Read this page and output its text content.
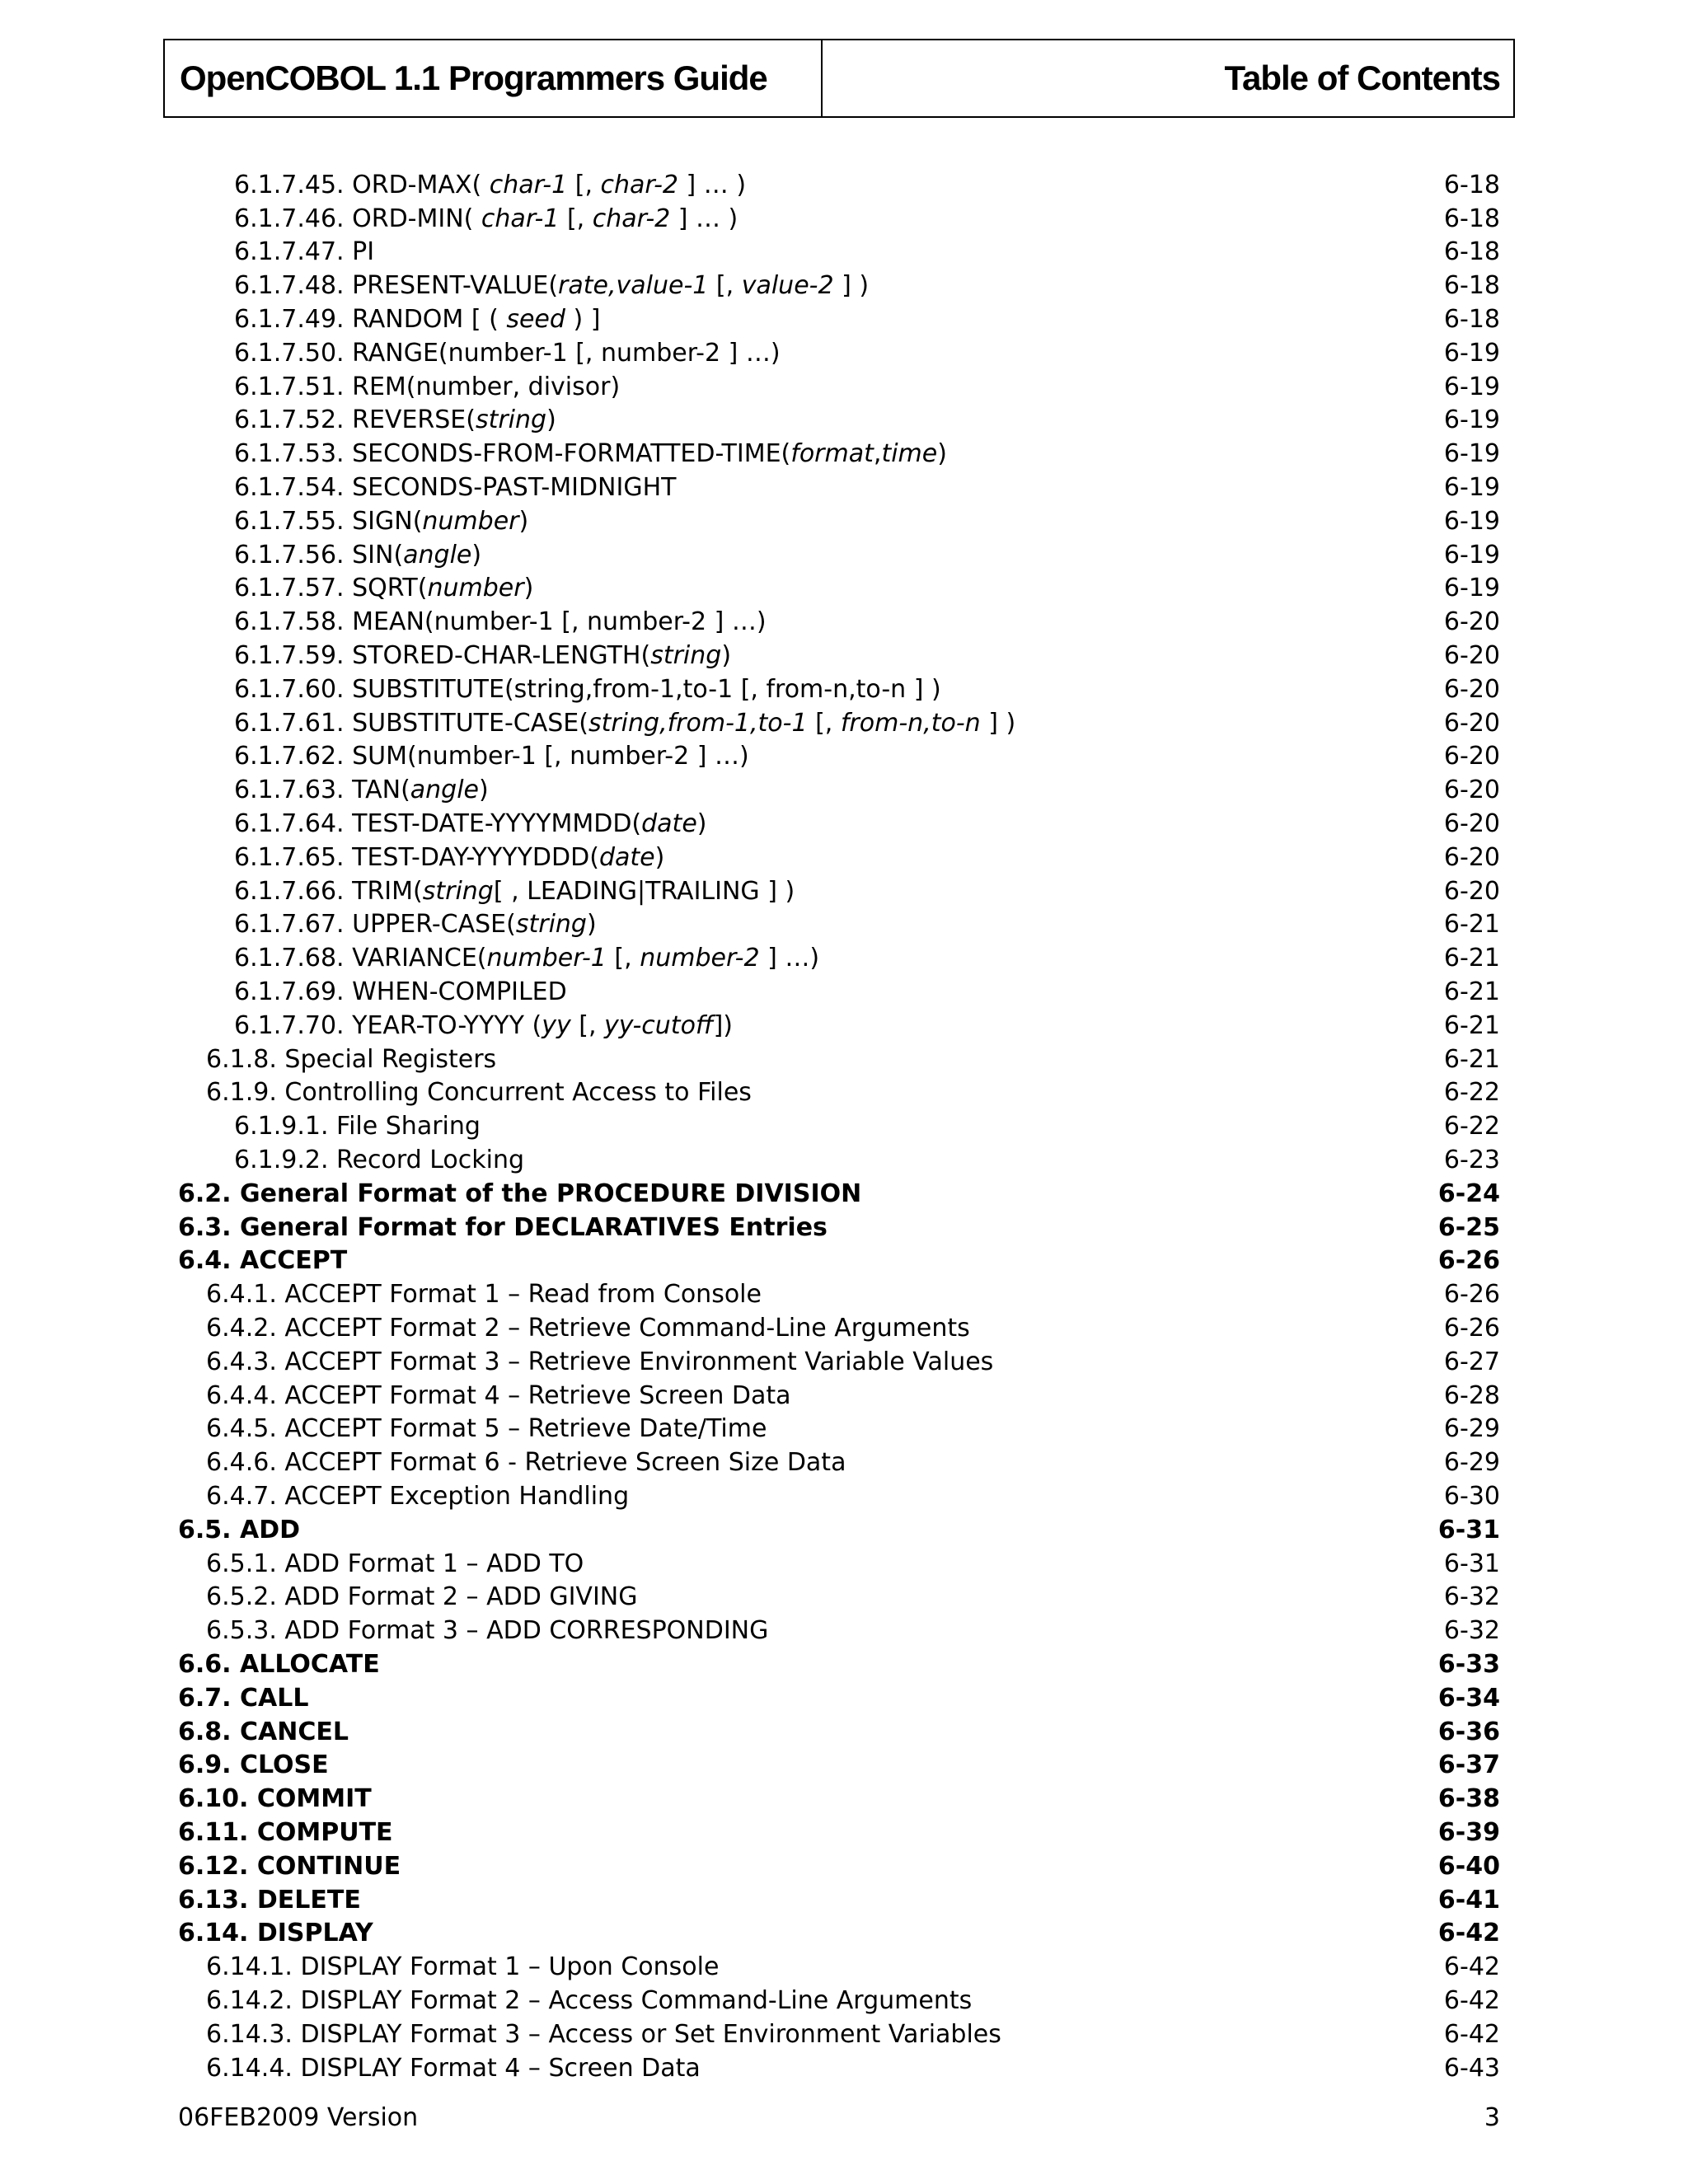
OpenCOBOL 1.1 Programmers Guide	Table of Contents
6.1.7.45. ORD-MAX( char-1 [, char-2 ] … )	6-18
6.1.7.46. ORD-MIN( char-1 [, char-2 ] … )	6-18
6.1.7.47. PI	6-18
6.1.7.48. PRESENT-VALUE(rate,value-1 [, value-2 ] )	6-18
6.1.7.49. RANDOM [ ( seed ) ]	6-18
6.1.7.50. RANGE(number-1 [, number-2 ] …)	6-19
6.1.7.51. REM(number, divisor)	6-19
6.1.7.52. REVERSE(string)	6-19
6.1.7.53. SECONDS-FROM-FORMATTED-TIME(format,time)	6-19
6.1.7.54. SECONDS-PAST-MIDNIGHT	6-19
6.1.7.55. SIGN(number)	6-19
6.1.7.56. SIN(angle)	6-19
6.1.7.57. SQRT(number)	6-19
6.1.7.58. MEAN(number-1 [, number-2 ] …)	6-20
6.1.7.59. STORED-CHAR-LENGTH(string)	6-20
6.1.7.60. SUBSTITUTE(string,from-1,to-1 [, from-n,to-n ] )	6-20
6.1.7.61. SUBSTITUTE-CASE(string,from-1,to-1 [, from-n,to-n ] )	6-20
6.1.7.62. SUM(number-1 [, number-2 ] …)	6-20
6.1.7.63. TAN(angle)	6-20
6.1.7.64. TEST-DATE-YYYYMMDD(date)	6-20
6.1.7.65. TEST-DAY-YYYYDDD(date)	6-20
6.1.7.66. TRIM(string[ , LEADING|TRAILING ] )	6-20
6.1.7.67. UPPER-CASE(string)	6-21
6.1.7.68. VARIANCE(number-1 [, number-2 ] …)	6-21
6.1.7.69. WHEN-COMPILED	6-21
6.1.7.70. YEAR-TO-YYYY (yy [, yy-cutoff])	6-21
6.1.8. Special Registers	6-21
6.1.9. Controlling Concurrent Access to Files	6-22
6.1.9.1. File Sharing	6-22
6.1.9.2. Record Locking	6-23
6.2. General Format of the PROCEDURE DIVISION	6-24
6.3. General Format for DECLARATIVES Entries	6-25
6.4. ACCEPT	6-26
6.4.1. ACCEPT Format 1 – Read from Console	6-26
6.4.2. ACCEPT Format 2 – Retrieve Command-Line Arguments	6-26
6.4.3. ACCEPT Format 3 – Retrieve Environment Variable Values	6-27
6.4.4. ACCEPT Format 4 – Retrieve Screen Data	6-28
6.4.5. ACCEPT Format 5 – Retrieve Date/Time	6-29
6.4.6. ACCEPT Format 6 - Retrieve Screen Size Data	6-29
6.4.7. ACCEPT Exception Handling	6-30
6.5. ADD	6-31
6.5.1. ADD Format 1 – ADD TO	6-31
6.5.2. ADD Format 2 – ADD GIVING	6-32
6.5.3. ADD Format 3 – ADD CORRESPONDING	6-32
6.6. ALLOCATE	6-33
6.7. CALL	6-34
6.8. CANCEL	6-36
6.9. CLOSE	6-37
6.10. COMMIT	6-38
6.11. COMPUTE	6-39
6.12. CONTINUE	6-40
6.13. DELETE	6-41
6.14. DISPLAY	6-42
6.14.1. DISPLAY Format 1 – Upon Console	6-42
6.14.2. DISPLAY Format 2 – Access Command-Line Arguments	6-42
6.14.3. DISPLAY Format 3 – Access or Set Environment Variables	6-42
6.14.4. DISPLAY Format 4 – Screen Data	6-43
06FEB2009 Version	3
